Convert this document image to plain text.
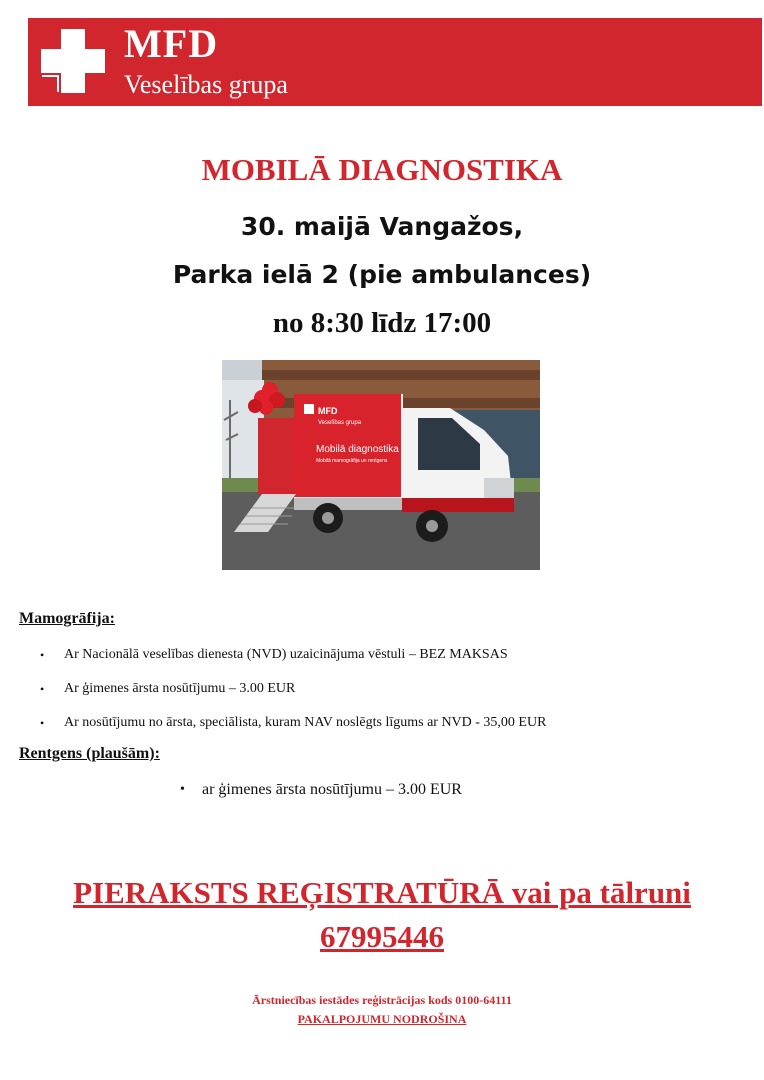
MFD
Veselības grupa
MOBILĀ DIAGNOSTIKA
30. maijā Vangažos,
Parka ielā 2 (pie ambulances)
no 8:30 līdz 17:00
MFD
Veselības grupa
Mobilā diagnostika
Mobilā mamogrāfija un rentgens
Mamogrāfija:
• Ar Nacionālā veselības dienesta (NVD) uzaicinājuma vēstuli – BEZ MAKSAS
• Ar ģimenes ārsta nosūtījumu – 3.00 EUR
• Ar nosūtījumu no ārsta, speciālista, kuram NAV noslēgts līgums ar NVD - 35,00 EUR
Rentgens (plaušām):
• ar ģimenes ārsta nosūtījumu – 3.00 EUR
PIERAKSTS REĢISTRATŪRĀ vai pa tālruni
67995446
Ārstniecības iestādes reģistrācijas kods 0100-64111
PAKALPOJUMU NODROŠINA
